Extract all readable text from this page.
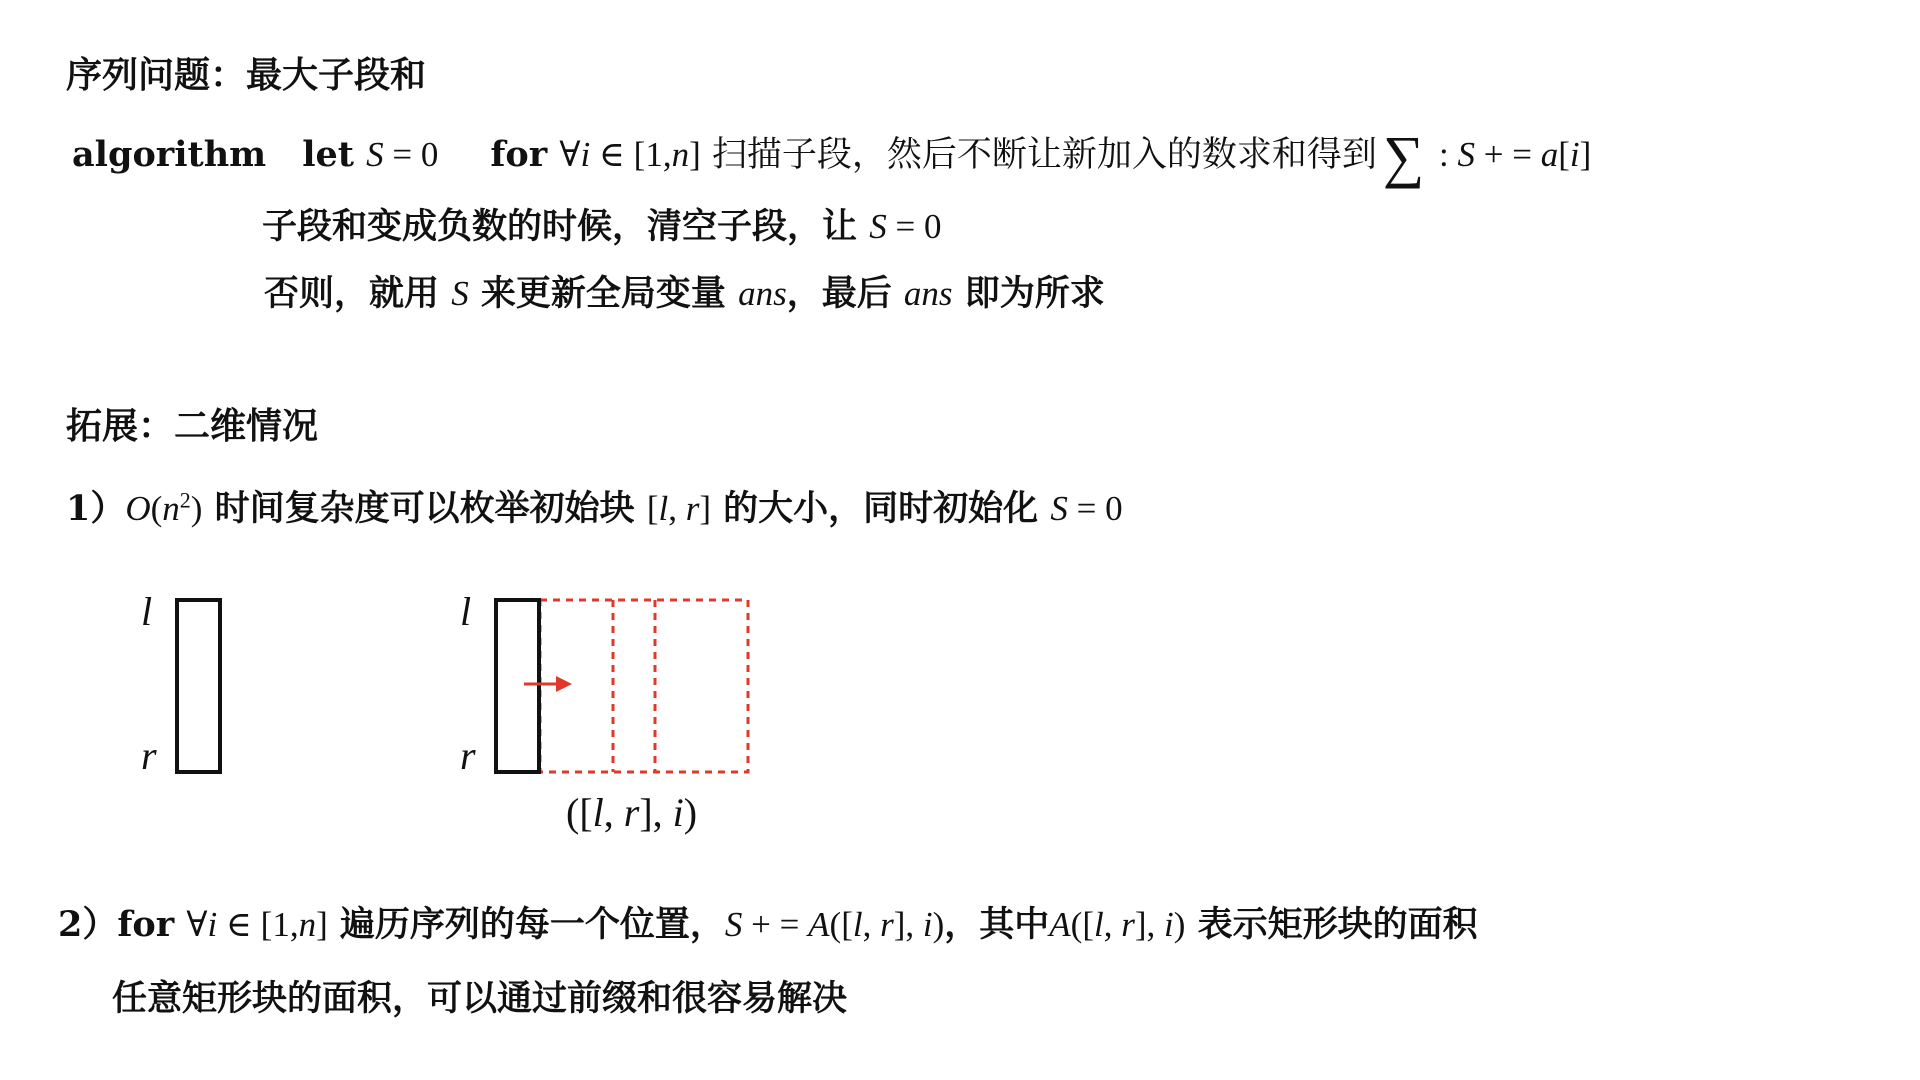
序列问题：最大子段和
algorithm let S = 0 for ∀i ∈ [1,n] 扫描子段，然后不断让新加入的数求和得到 ∑ : S + = a[i]
子段和变成负数的时候，清空子段，让 S = 0
否则，就用 S 来更新全局变量 ans，最后 ans 即为所求
拓展：二维情况
$1)O(n^2)$ 时间复杂度可以枚举初始块 [l, r] 的大小，同时初始化 S = 0
l
r
l
r
([l, r], i)
2）for ∀i ∈ [1,n] 遍历序列的每一个位置，S + = A([l, r], i)，其中A([l, r], i) 表示矩形块的面积
任意矩形块的面积，可以通过前缀和很容易解决
